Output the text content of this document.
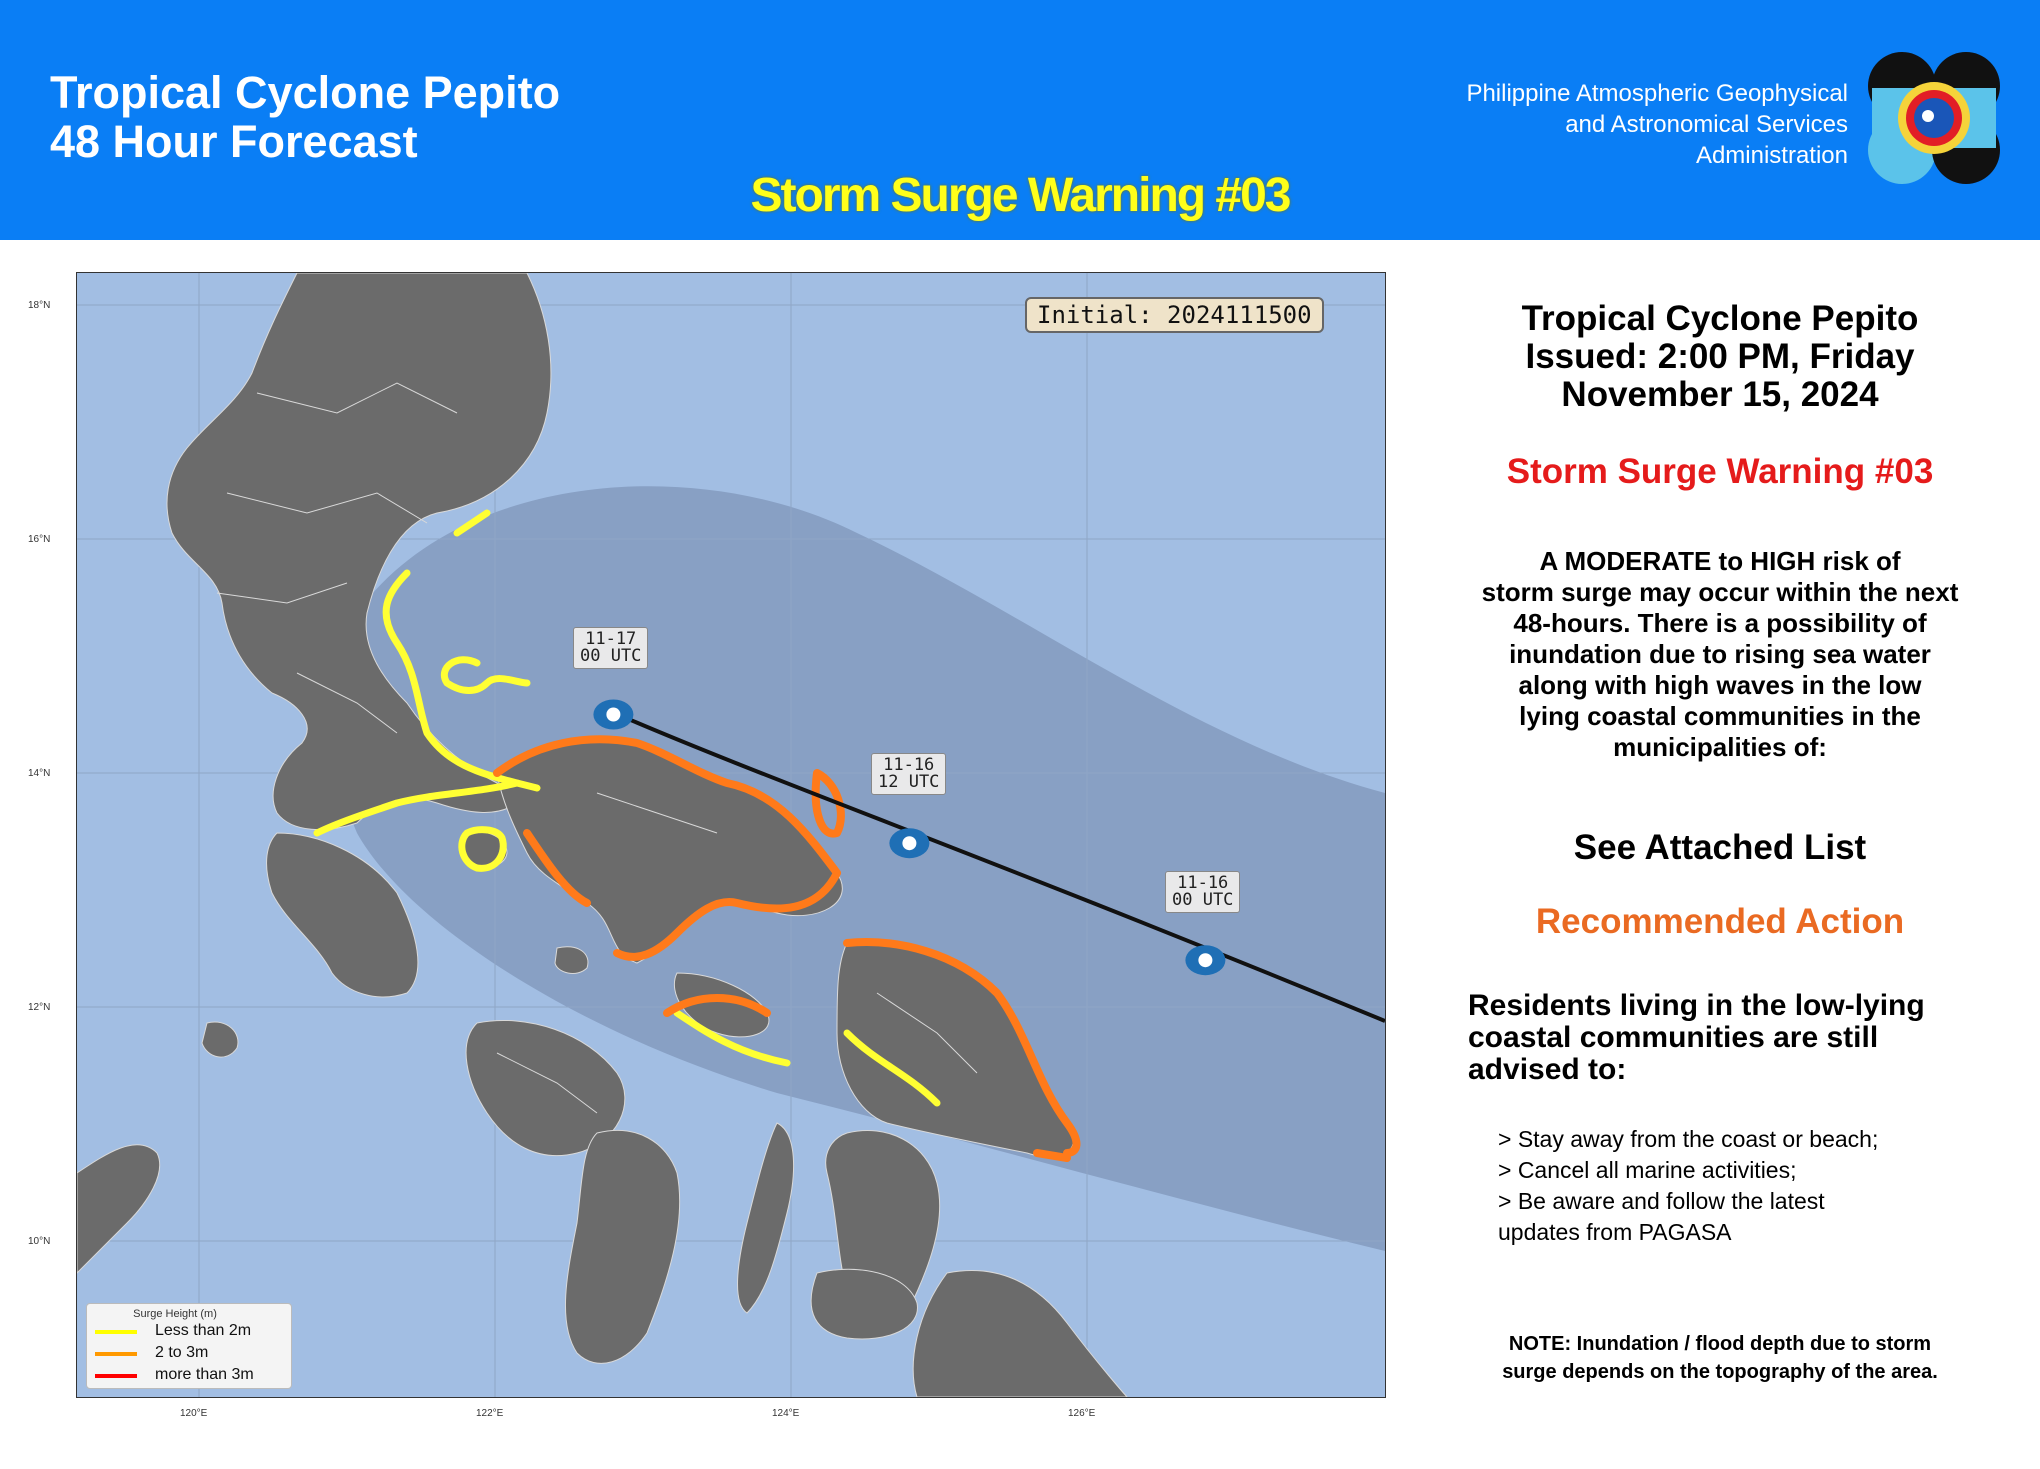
Tropical Cyclone Pepito
48 Hour Forecast
Storm Surge Warning #03
Philippine Atmospheric Geophysical
and Astronomical Services
Administration
Initial: 2024111500
11-17
00 UTC
11-16
12 UTC
11-16
00 UTC
18°N
16°N
14°N
12°N
10°N
120°E	122°E	124°E	126°E
Surge Height (m)
Less than 2m
2 to 3m
more than 3m
Tropical Cyclone Pepito
Issued: 2:00 PM, Friday
November 15, 2024
Storm Surge Warning #03
A MODERATE to HIGH risk of
storm surge may occur within the next
48-hours. There is a possibility of
inundation due to rising sea water
along with high waves in the low
lying coastal communities in the
municipalities of:
See Attached List
Recommended Action
Residents living in the low-lying
coastal communities are still
advised to:
> Stay away from the coast or beach;
> Cancel all marine activities;
> Be aware and follow the latest
updates from PAGASA
NOTE: Inundation / flood depth due to storm
surge depends on the topography of the area.
